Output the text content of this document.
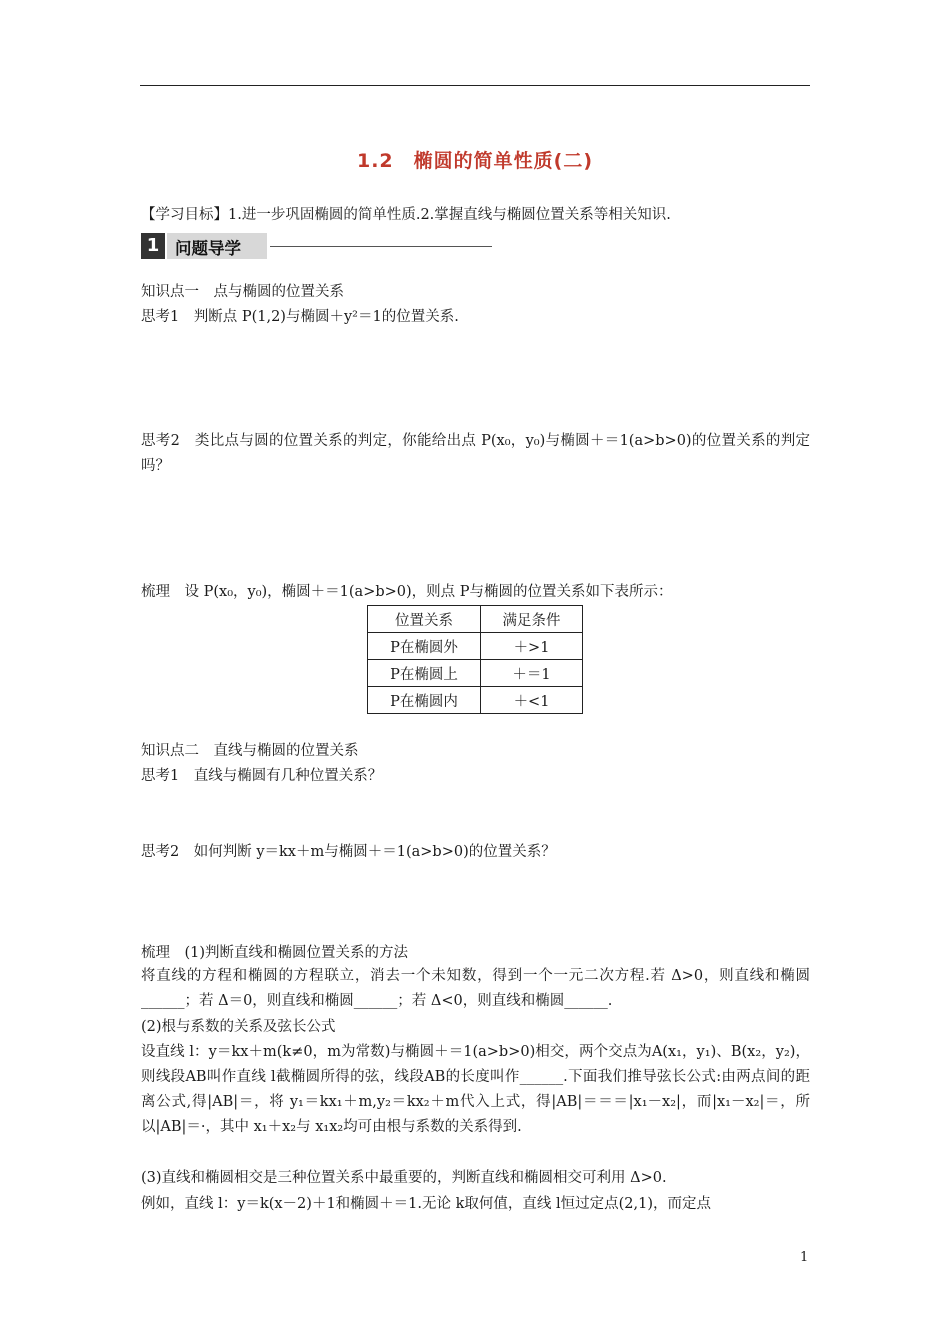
1.2　椭圆的简单性质(二)
【学习目标】1.进一步巩固椭圆的简单性质.2.掌握直线与椭圆位置关系等相关知识.
1 问题导学
知识点一　点与椭圆的位置关系
思考1　判断点 P(1,2)与椭圆＋y²＝1的位置关系.
思考2　类比点与圆的位置关系的判定，你能给出点 P(x₀，y₀)与椭圆＋＝1(a>b>0)的位置关系的判定吗？
梳理　设 P(x₀，y₀)，椭圆＋＝1(a>b>0)，则点 P与椭圆的位置关系如下表所示：
位置关系	满足条件
P在椭圆外	＋>1
P在椭圆上	＋＝1
P在椭圆内	＋<1
知识点二　直线与椭圆的位置关系
思考1　直线与椭圆有几种位置关系？
思考2　如何判断 y＝kx＋m与椭圆＋＝1(a>b>0)的位置关系？
梳理　(1)判断直线和椭圆位置关系的方法
将直线的方程和椭圆的方程联立，消去一个未知数，得到一个一元二次方程.若 Δ>0，则直线和椭圆______；若 Δ＝0，则直线和椭圆______；若 Δ<0，则直线和椭圆______.
(2)根与系数的关系及弦长公式
设直线 l：y＝kx＋m(k≠0，m为常数)与椭圆＋＝1(a>b>0)相交，两个交点为A(x₁，y₁)、B(x₂，y₂)，则线段AB叫作直线 l截椭圆所得的弦，线段AB的长度叫作______.下面我们推导弦长公式:由两点间的距离公式,得|AB|＝，将 y₁＝kx₁＋m,y₂＝kx₂＋m代入上式，得|AB|＝＝＝|x₁－x₂|，而|x₁－x₂|＝，所以|AB|＝·，其中 x₁＋x₂与 x₁x₂均可由根与系数的关系得到.
(3)直线和椭圆相交是三种位置关系中最重要的，判断直线和椭圆相交可利用 Δ>0.
例如，直线 l：y＝k(x－2)＋1和椭圆＋＝1.无论 k取何值，直线 l恒过定点(2,1)，而定点
1
